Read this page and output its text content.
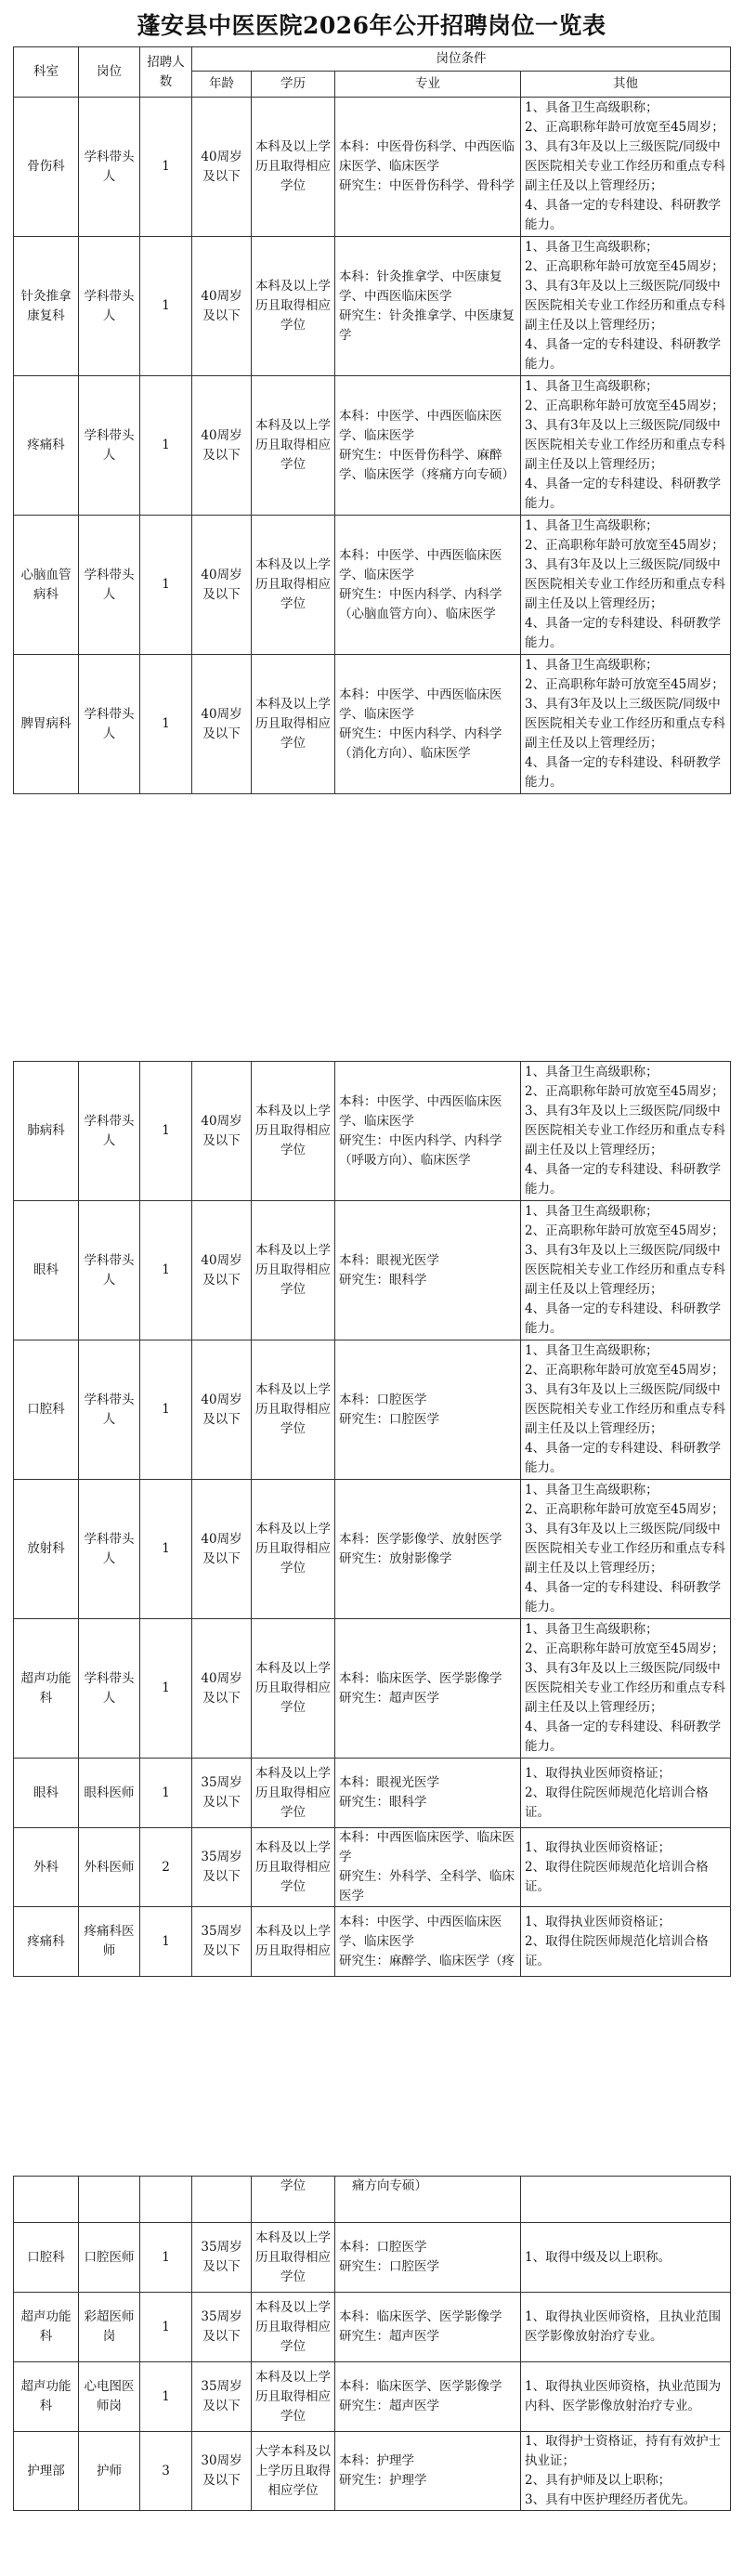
蓬安县中医医院2026年公开招聘岗位一览表
科室	岗位	招聘人数	岗位条件			
			年龄	学历	专业	其他
骨伤科	学科带头人	1	40周岁及以下	本科及以上学历且取得相应学位	本科：中医骨伤科学、中西医临床医学、临床医学
研究生：中医骨伤科学、骨科学	1、具备卫生高级职称；
2、正高职称年龄可放宽至45周岁；
3、具有3年及以上三级医院/同级中医医院相关专业工作经历和重点专科副主任及以上管理经历；
4、具备一定的专科建设、科研教学能力。
针灸推拿康复科	学科带头人	1	40周岁及以下	本科及以上学历且取得相应学位	本科：针灸推拿学、中医康复学、中西医临床医学
研究生：针灸推拿学、中医康复学	1、具备卫生高级职称；
2、正高职称年龄可放宽至45周岁；
3、具有3年及以上三级医院/同级中医医院相关专业工作经历和重点专科副主任及以上管理经历；
4、具备一定的专科建设、科研教学能力。
疼痛科	学科带头人	1	40周岁及以下	本科及以上学历且取得相应学位	本科：中医学、中西医临床医学、临床医学
研究生：中医骨伤科学、麻醉学、临床医学（疼痛方向专硕）	1、具备卫生高级职称；
2、正高职称年龄可放宽至45周岁；
3、具有3年及以上三级医院/同级中医医院相关专业工作经历和重点专科副主任及以上管理经历；
4、具备一定的专科建设、科研教学能力。
心脑血管病科	学科带头人	1	40周岁及以下	本科及以上学历且取得相应学位	本科：中医学、中西医临床医学、临床医学
研究生：中医内科学、内科学（心脑血管方向）、临床医学	1、具备卫生高级职称；
2、正高职称年龄可放宽至45周岁；
3、具有3年及以上三级医院/同级中医医院相关专业工作经历和重点专科副主任及以上管理经历；
4、具备一定的专科建设、科研教学能力。
脾胃病科	学科带头人	1	40周岁及以下	本科及以上学历且取得相应学位	本科：中医学、中西医临床医学、临床医学
研究生：中医内科学、内科学（消化方向）、临床医学	1、具备卫生高级职称；
2、正高职称年龄可放宽至45周岁；
3、具有3年及以上三级医院/同级中医医院相关专业工作经历和重点专科副主任及以上管理经历；
4、具备一定的专科建设、科研教学能力。
肺病科	学科带头人	1	40周岁及以下	本科及以上学历且取得相应学位	本科：中医学、中西医临床医学、临床医学
研究生：中医内科学、内科学（呼吸方向）、临床医学	1、具备卫生高级职称；
2、正高职称年龄可放宽至45周岁；
3、具有3年及以上三级医院/同级中医医院相关专业工作经历和重点专科副主任及以上管理经历；
4、具备一定的专科建设、科研教学能力。
眼科	学科带头人	1	40周岁及以下	本科及以上学历且取得相应学位	本科：眼视光医学
研究生：眼科学	1、具备卫生高级职称；
2、正高职称年龄可放宽至45周岁；
3、具有3年及以上三级医院/同级中医医院相关专业工作经历和重点专科副主任及以上管理经历；
4、具备一定的专科建设、科研教学能力。
口腔科	学科带头人	1	40周岁及以下	本科及以上学历且取得相应学位	本科：口腔医学
研究生：口腔医学	1、具备卫生高级职称；
2、正高职称年龄可放宽至45周岁；
3、具有3年及以上三级医院/同级中医医院相关专业工作经历和重点专科副主任及以上管理经历；
4、具备一定的专科建设、科研教学能力。
放射科	学科带头人	1	40周岁及以下	本科及以上学历且取得相应学位	本科：医学影像学、放射医学
研究生：放射影像学	1、具备卫生高级职称；
2、正高职称年龄可放宽至45周岁；
3、具有3年及以上三级医院/同级中医医院相关专业工作经历和重点专科副主任及以上管理经历；
4、具备一定的专科建设、科研教学能力。
超声功能科	学科带头人	1	40周岁及以下	本科及以上学历且取得相应学位	本科：临床医学、医学影像学
研究生：超声医学	1、具备卫生高级职称；
2、正高职称年龄可放宽至45周岁；
3、具有3年及以上三级医院/同级中医医院相关专业工作经历和重点专科副主任及以上管理经历；
4、具备一定的专科建设、科研教学能力。
眼科	眼科医师	1	35周岁及以下	本科及以上学历且取得相应学位	本科：眼视光医学
研究生：眼科学	1、取得执业医师资格证；
2、取得住院医师规范化培训合格证。
外科	外科医师	2	35周岁及以下	本科及以上学历且取得相应学位	本科：中西医临床医学、临床医学
研究生：外科学、全科学、临床医学	1、取得执业医师资格证；
2、取得住院医师规范化培训合格证。
疼痛科	疼痛科医师	1	35周岁及以下	本科及以上学历且取得相应	本科：中医学、中西医临床医学、临床医学
研究生：麻醉学、临床医学（疼	1、取得执业医师资格证；
2、取得住院医师规范化培训合格证。
				学位	痛方向专硕）	
口腔科	口腔医师	1	35周岁及以下	本科及以上学历且取得相应学位	本科：口腔医学
研究生：口腔医学	1、取得中级及以上职称。
超声功能科	彩超医师岗	1	35周岁及以下	本科及以上学历且取得相应学位	本科：临床医学、医学影像学
研究生：超声医学	1、取得执业医师资格，且执业范围医学影像放射治疗专业。
超声功能科	心电图医师岗	1	35周岁及以下	本科及以上学历且取得相应学位	本科：临床医学、医学影像学
研究生：超声医学	1、取得执业医师资格，执业范围为内科、医学影像放射治疗专业。
护理部	护师	3	30周岁及以下	大学本科及以上学历且取得相应学位	本科：护理学
研究生：护理学	1、取得护士资格证，持有有效护士执业证；
2、具有护师及以上职称；
3、具有中医护理经历者优先。
